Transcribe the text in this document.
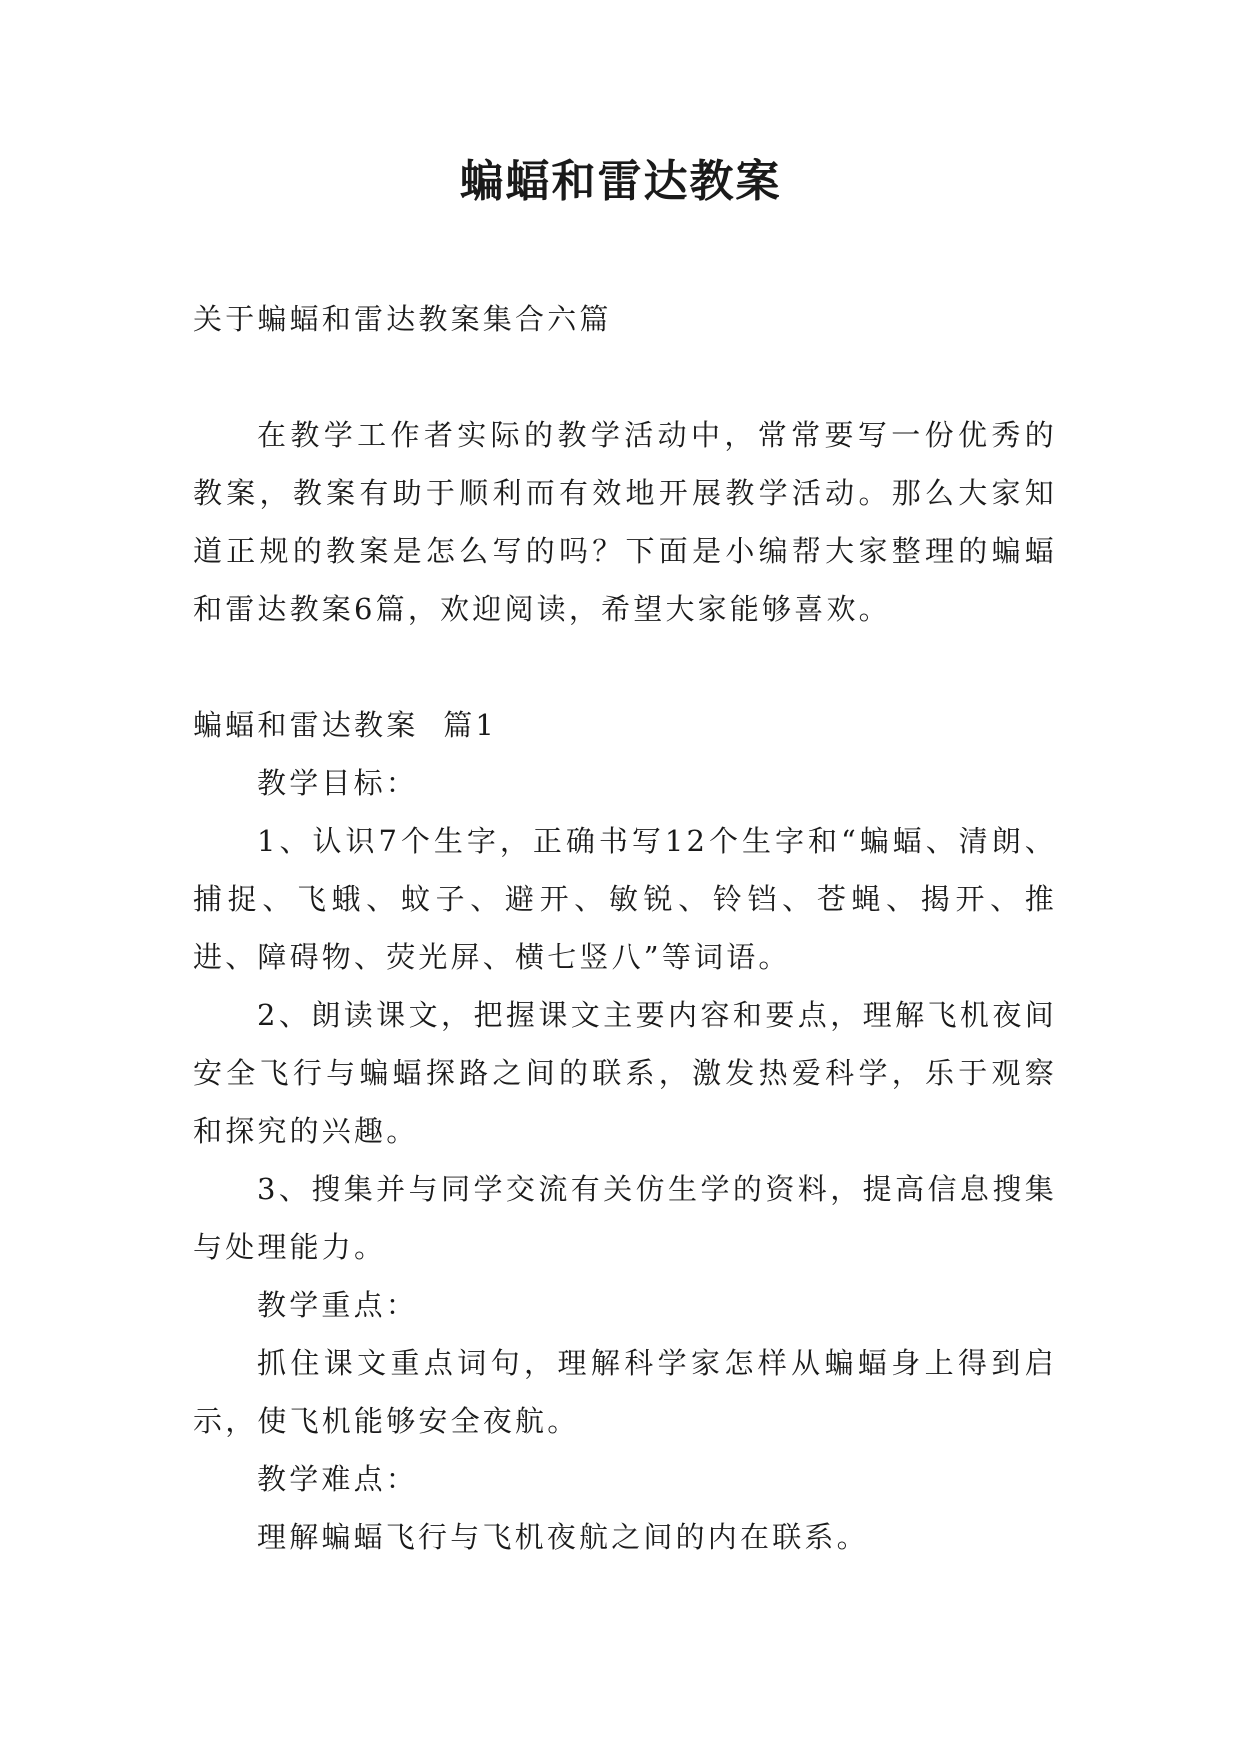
蝙蝠和雷达教案

关于蝙蝠和雷达教案集合六篇

在教学工作者实际的教学活动中，常常要写一份优秀的教案，教案有助于顺利而有效地开展教学活动。那么大家知道正规的教案是怎么写的吗？下面是小编帮大家整理的蝙蝠和雷达教案6篇，欢迎阅读，希望大家能够喜欢。

蝙蝠和雷达教案  篇1

教学目标：

1、认识7个生字，正确书写12个生字和“蝙蝠、清朗、捕捉、飞蛾、蚊子、避开、敏锐、铃铛、苍蝇、揭开、推进、障碍物、荧光屏、横七竖八”等词语。

2、朗读课文，把握课文主要内容和要点，理解飞机夜间安全飞行与蝙蝠探路之间的联系，激发热爱科学，乐于观察和探究的兴趣。

3、搜集并与同学交流有关仿生学的资料，提高信息搜集与处理能力。

教学重点：

抓住课文重点词句，理解科学家怎样从蝙蝠身上得到启示，使飞机能够安全夜航。

教学难点：

理解蝙蝠飞行与飞机夜航之间的内在联系。
